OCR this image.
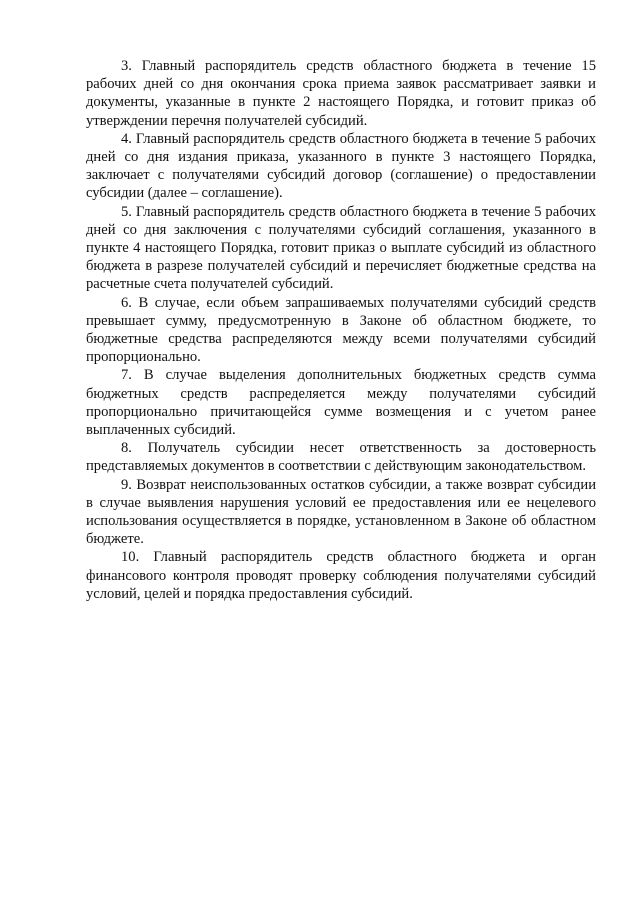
3. Главный распорядитель средств областного бюджета в течение 15 рабочих дней со дня окончания срока приема заявок рассматривает заявки и документы, указанные в пункте 2 настоящего Порядка, и готовит приказ об утверждении перечня получателей субсидий.

4. Главный распорядитель средств областного бюджета в течение 5 рабочих дней со дня издания приказа, указанного в пункте 3 настоящего Порядка, заключает с получателями субсидий договор (соглашение) о предоставлении субсидии (далее – соглашение).

5. Главный распорядитель средств областного бюджета в течение 5 рабочих дней со дня заключения с получателями субсидий соглашения, указанного в пункте 4 настоящего Порядка, готовит приказ о выплате субсидий из областного бюджета в разрезе получателей субсидий и перечисляет бюджетные средства на расчетные счета получателей субсидий.

6. В случае, если объем запрашиваемых получателями субсидий средств превышает сумму, предусмотренную в Законе об областном бюджете, то бюджетные средства распределяются между всеми получателями субсидий пропорционально.

7. В случае выделения дополнительных бюджетных средств сумма бюджетных средств распределяется между получателями субсидий пропорционально причитающейся сумме возмещения и с учетом ранее выплаченных субсидий.

8. Получатель субсидии несет ответственность за достоверность представляемых документов в соответствии с действующим законодательством.

9. Возврат неиспользованных остатков субсидии, а также возврат субсидии в случае выявления нарушения условий ее предоставления или ее нецелевого использования осуществляется в порядке, установленном в Законе об областном бюджете.

10. Главный распорядитель средств областного бюджета и орган финансового контроля проводят проверку соблюдения получателями субсидий условий, целей и порядка предоставления субсидий.
